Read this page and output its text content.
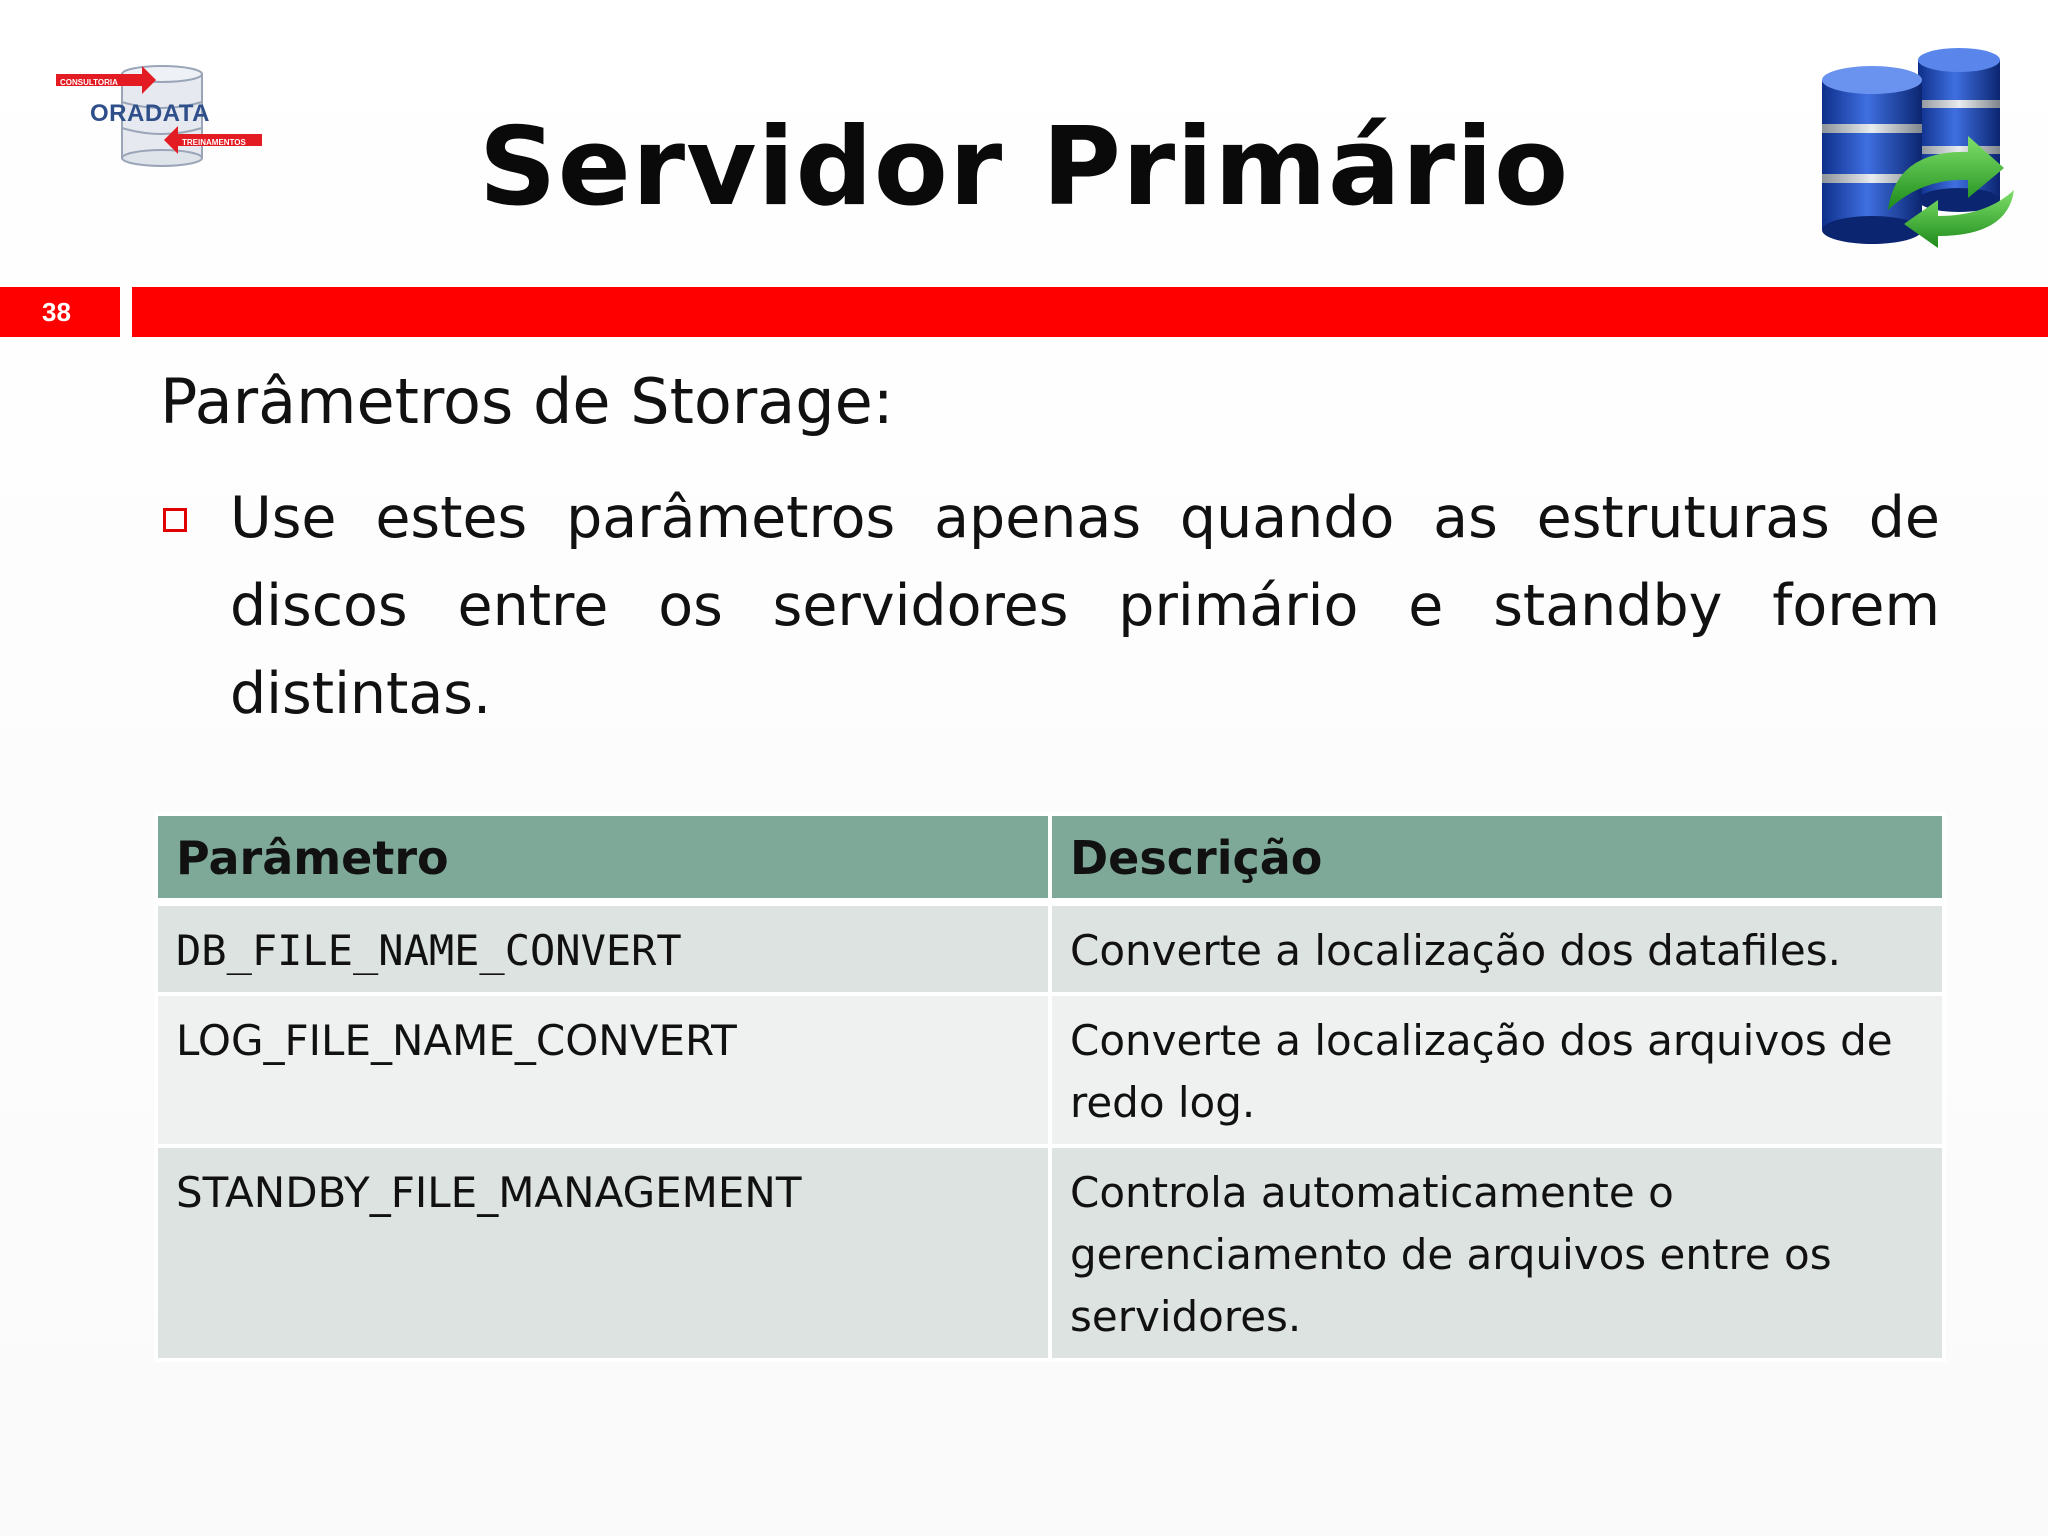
CONSULTORIA
ORADATA
TREINAMENTOS	Servidor Primário
38
Parâmetros de Storage:
Use estes parâmetros apenas quando as estruturas de discos entre os servidores primário e standby forem distintas.
Parâmetro	Descrição
DB_FILE_NAME_CONVERT	Converte a localização dos datafiles.
LOG_FILE_NAME_CONVERT	Converte a localização dos arquivos de redo log.
STANDBY_FILE_MANAGEMENT	Controla automaticamente o gerenciamento de arquivos entre os servidores.
